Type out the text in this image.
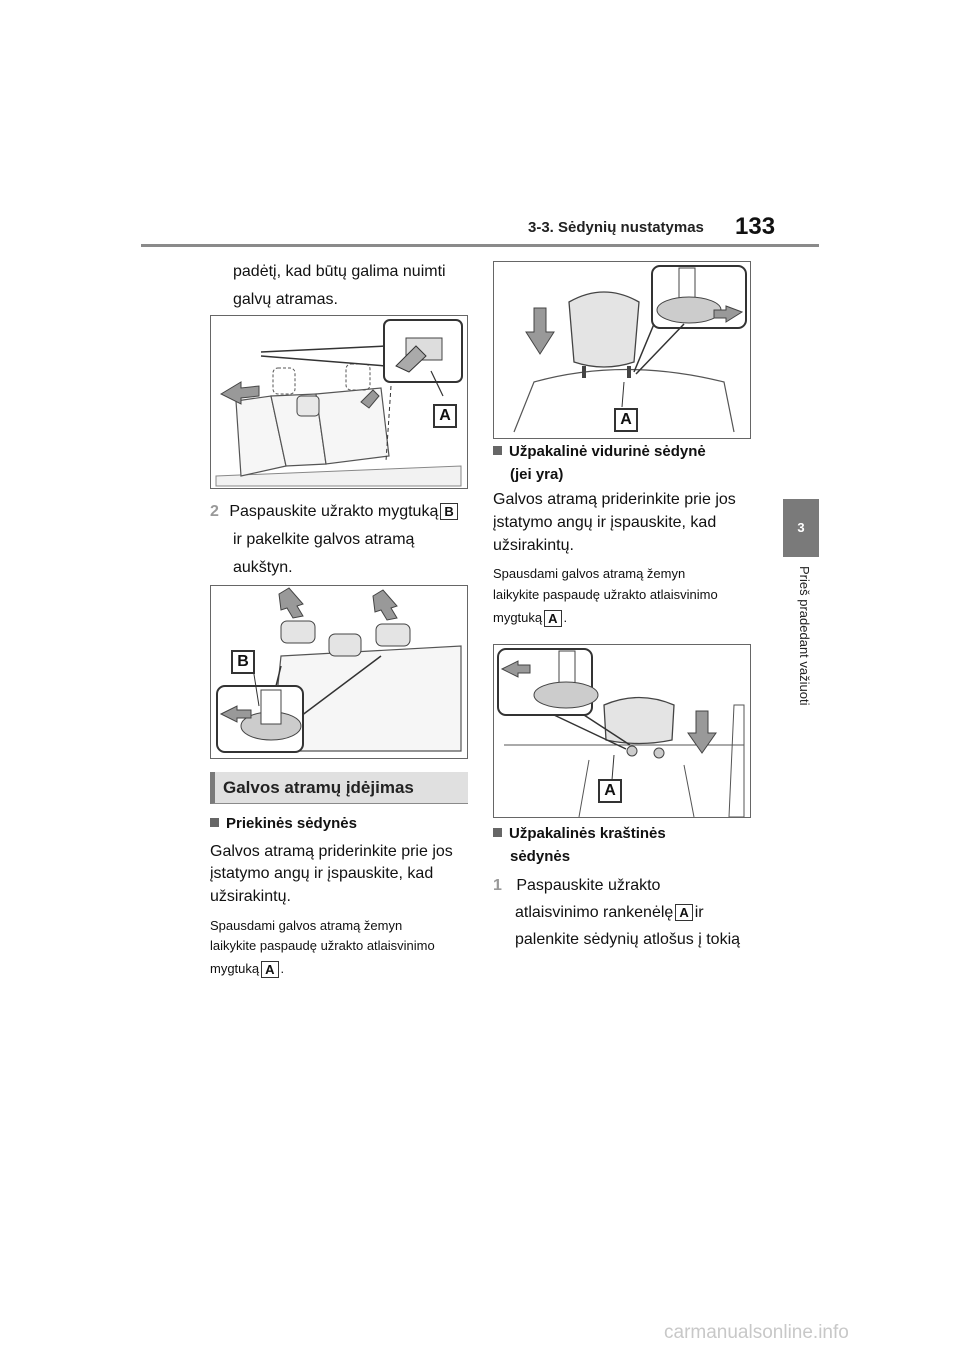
3-3. Sėdynių nustatymas 133
3
Prieš pradedant važiuoti
padėtį, kad būtų galima nuimti
galvų atramas.
A
2 Paspauskite užrakto mygtuką B
ir pakelkite galvos atramą
aukštyn.
B
Galvos atramų įdėjimas
Priekinės sėdynės
Galvos atramą priderinkite prie jos
įstatymo angų ir įspauskite, kad
užsirakintų.
Spausdami galvos atramą žemyn
laikykite paspaudę užrakto atlaisvinimo
mygtuką A .
A
Užpakalinė vidurinė sėdynė
(jei yra)
Galvos atramą priderinkite prie jos
įstatymo angų ir įspauskite, kad
užsirakintų.
Spausdami galvos atramą žemyn
laikykite paspaudę užrakto atlaisvinimo
mygtuką A .
A
Užpakalinės kraštinės
sėdynės
1 Paspauskite užrakto
atlaisvinimo rankenėlę A ir
palenkite sėdynių atlošus į tokią
carmanualsonline.info
